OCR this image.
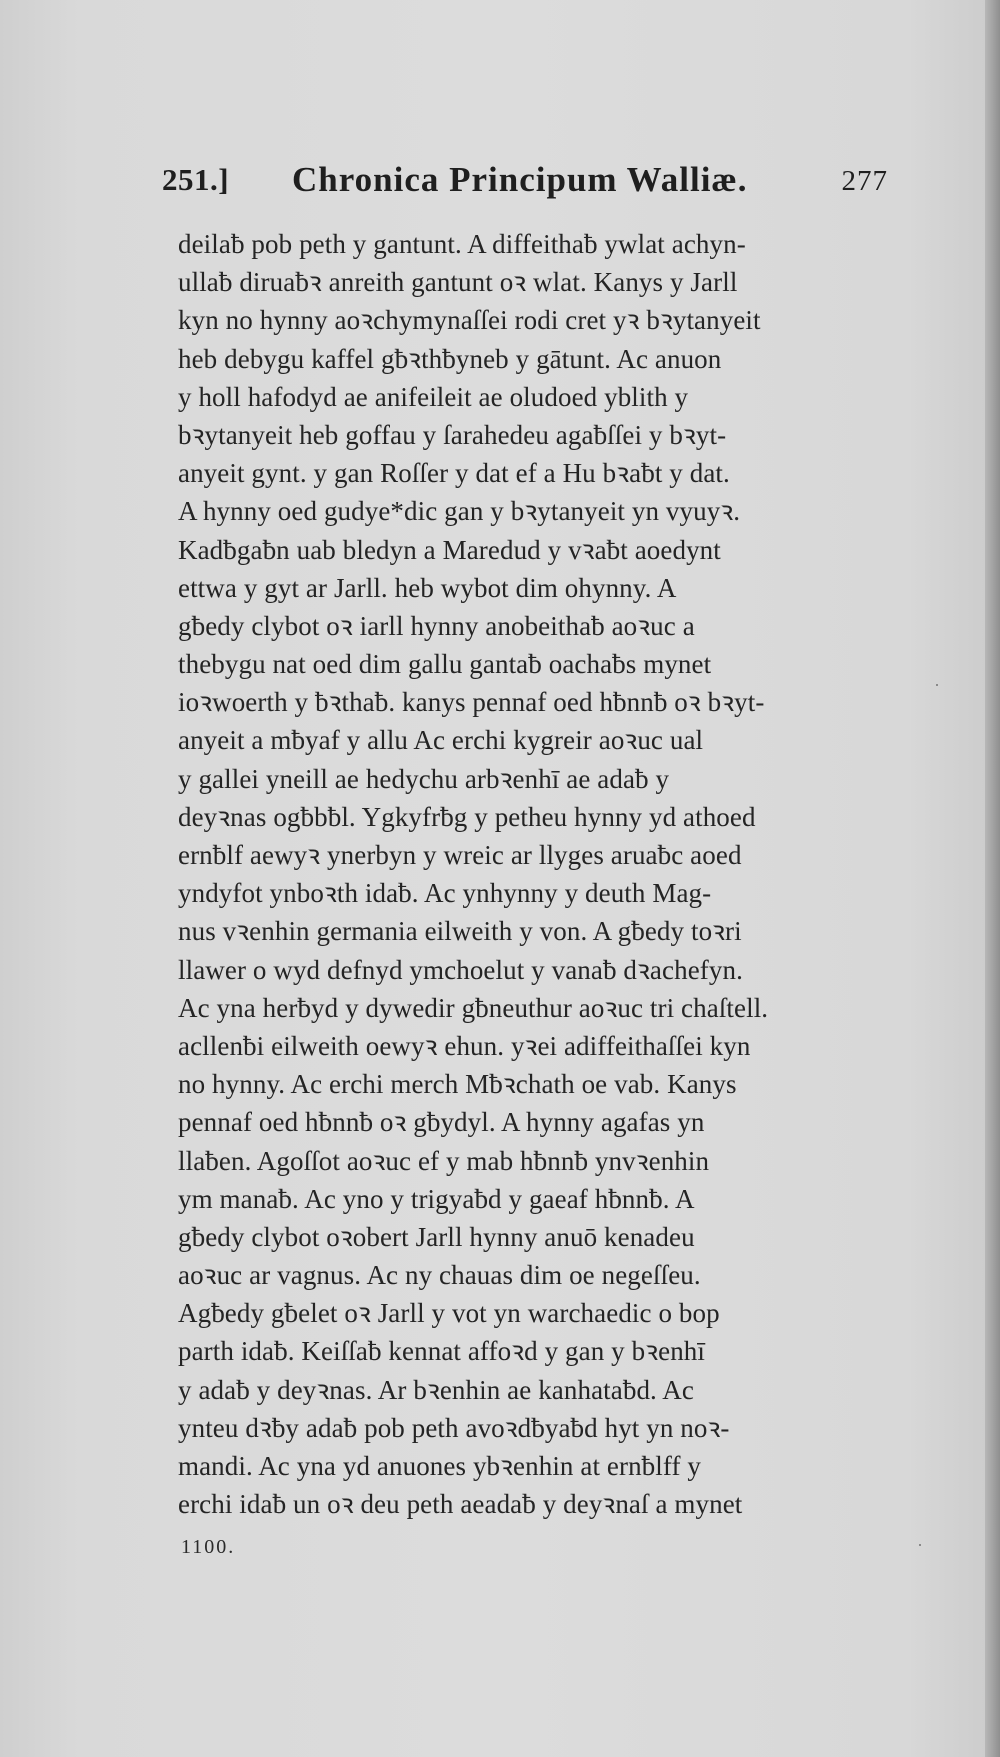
251.] Chronica Principum Walliæ.	277
deilaƀ pob peth y gantunt. A diffeithaƀ ywlat achyn-
ullaƀ diruaƀꝛ anreith gantunt oꝛ wlat. Kanys y Jarll
kyn no hynny aoꝛchymynaſſei rodi cret yꝛ bꝛytanyeit
heb debygu kaffel gƀꝛthƀyneb y gātunt. Ac anuon
y holl hafodyd ae anifeileit ae oludoed yblith y
bꝛytanyeit heb goffau y ſarahedeu agaƀſſei y bꝛyt-
anyeit gynt. y gan Roſſer y dat ef a Hu bꝛaƀt y dat.
A hynny oed gudye*dic gan y bꝛytanyeit yn vyuyꝛ.
Kadƀgaƀn uab bledyn a Maredud y vꝛaƀt aoedynt
ettwa y gyt ar Jarll. heb wybot dim ohynny. A
gƀedy clybot oꝛ iarll hynny anobeithaƀ aoꝛuc a
thebygu nat oed dim gallu gantaƀ oachaƀs mynet
ioꝛwoerth y ƀꝛthaƀ. kanys pennaf oed hƀnnƀ oꝛ bꝛyt-
anyeit a mƀyaf y allu Ac erchi kygreir aoꝛuc ual
y gallei yneill ae hedychu arbꝛenhī ae adaƀ y
deyꝛnas ogƀbƀl. Ygkyfrƀg y petheu hynny yd athoed
ernƀlf aewyꝛ ynerbyn y wreic ar llyges aruaƀc aoed
yndyfot ynboꝛth idaƀ. Ac ynhynny y deuth Mag-
nus vꝛenhin germania eilweith y von. A gƀedy toꝛri
llawer o wyd defnyd ymchoelut y vanaƀ dꝛachefyn.
Ac yna herƀyd y dywedir gƀneuthur aoꝛuc tri chaſtell.
acllenƀi eilweith oewyꝛ ehun. yꝛei adiffeithaſſei kyn
no hynny. Ac erchi merch Mƀꝛchath oe vab. Kanys
pennaf oed hƀnnƀ oꝛ gƀydyl. A hynny agafas yn
llaƀen. Agoſſot aoꝛuc ef y mab hƀnnƀ ynvꝛenhin
ym manaƀ. Ac yno y trigyaƀd y gaeaf hƀnnƀ. A
gƀedy clybot oꝛobert Jarll hynny anuō kenadeu
aoꝛuc ar vagnus. Ac ny chauas dim oe negeſſeu.
Agƀedy gƀelet oꝛ Jarll y vot yn warchaedic o bop
parth idaƀ. Keiſſaƀ kennat affoꝛd y gan y bꝛenhī
y adaƀ y deyꝛnas. Ar bꝛenhin ae kanhataƀd. Ac
ynteu dꝛƀy adaƀ pob peth avoꝛdƀyaƀd hyt yn noꝛ-
mandi. Ac yna yd anuones ybꝛenhin at ernƀlff y
erchi idaƀ un oꝛ deu peth aeadaƀ y deyꝛnaſ a mynet
1100.
